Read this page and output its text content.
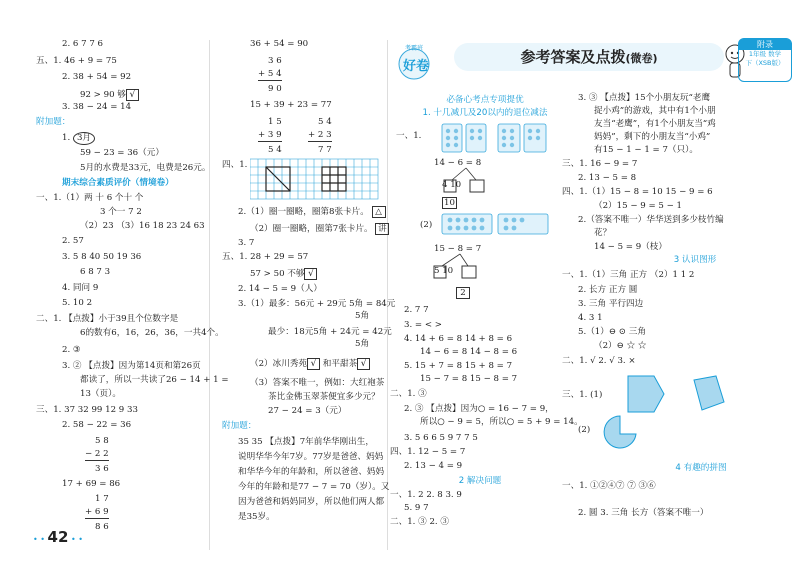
2. 6 7 7 6
五、1. 46 + 9 = 75
2. 38 + 54 = 92
92 > 90 够 √
3. 38 − 24 = 14
附加题：
1. 3月
59 − 23 = 36（元）
5月的水费是33元，电费是26元。
期末综合素质评价（情境卷）
一、1.（1）两 十 6 个十 个
3 个一 7 2
（2）23 （3）16 18 23 24 63
2. 57
3. 5 8 40 50 19 36
6 8 7 3
4. 同问 9
5. 10 2
二、1. 【点拨】小于39且个位数字是
6的数有6，16，26，36，一共4个。
2. ③
3. ② 【点拨】因为第14页和第26页
都读了，所以一共读了26 − 14 + 1 =
13（页）。
三、1. 37 32 99 12 9 33
2. 58 − 22 = 36
5 8
− 2 2
3 6
17 + 69 = 86
1 7
+ 6 9
8 6
• • 42 • •
36 + 54 = 90
3 6
+ 5 4
9 0
15 + 39 + 23 = 77
1 5
+ 3 9
5 4
5 4
+ 2 3
7 7
四、1.
2.（1）圈一圈略，圈第8张卡片。 △
（2）圈一圈略，圈第7张卡片。 讲
3. 7
五、1. 28 + 29 = 57
57 > 50 不够 √
2. 14 − 5 = 9（人）
3.（1）最多：56元 + 29元 5角 = 84元
5角
最少：18元5角 + 24元 = 42元
5角
（2）冰川秀苑 √ 和平甜茶 √
（3）答案不唯一，例如：大红袍茶
茶比金佛玉翠茶便宜多少元？
27 − 24 = 3（元）
附加题：
35 35 【点拨】7年前华华刚出生，
说明华华今年7岁。77岁是爸爸、妈妈
和华华今年的年龄和，所以爸爸、妈妈
今年的年龄和是77 − 7 = 70（岁）。又
因为爸爸和妈妈同岁，所以他们两人都
是35岁。
考霸班
好卷
参考答案及点拨(微卷)
附录
1年级 数学
下（XSB版）
必备心考点专项提优
1. 十几减几及20以内的退位减法
一、1.
14 − 6 = 8
4 10
10
(2)
15 − 8 = 7
5 10
2
2. 7 7
3. = < >
4. 14 + 6 = 8 14 + 8 = 6
14 − 6 = 8 14 − 8 = 6
5. 15 + 7 = 8 15 + 8 = 7
15 − 7 = 8 15 − 8 = 7
二、1. ③
2. ③ 【点拨】因为○ = 16 − 7 = 9，
所以○ − 9 = 5，所以○ = 5 + 9 = 14。
3. 5 6 6 5 9 7 7 5
四、1. 12 − 5 = 7
2. 13 − 4 = 9
2 解决问题
一、1. 2 2. 8 3. 9
5. 9 7
二、1. ③ 2. ③
3. ③ 【点拨】15个小朋友玩“老鹰
捉小鸡”的游戏，其中有1个小朋
友当“老鹰”，有1个小朋友当“鸡
妈妈”，剩下的小朋友当“小鸡”
有15 − 1 − 1 = 7（只）。
三、1. 16 − 9 = 7
2. 13 − 5 = 8
四、1.（1）15 − 8 = 10 15 − 9 = 6
（2）15 − 9 = 5 − 1
2.（答案不唯一）华华送到多少枝竹编
花？
14 − 5 = 9（枝）
3 认识图形
一、1.（1）三角 正方 （2）1 1 2
2. 长方 正方 圆
3. 三角 平行四边
4. 3 1
5.（1）⊖ ⊙ 三角
（2）⊖ ☆ ☆
二、1. √ 2. √ 3. ×
三、1. (1)
(2)
4 有趣的拼图
一、1. ①②④⑦ ⑦ ③⑥
2. 圆 3. 三角 长方（答案不唯一）
